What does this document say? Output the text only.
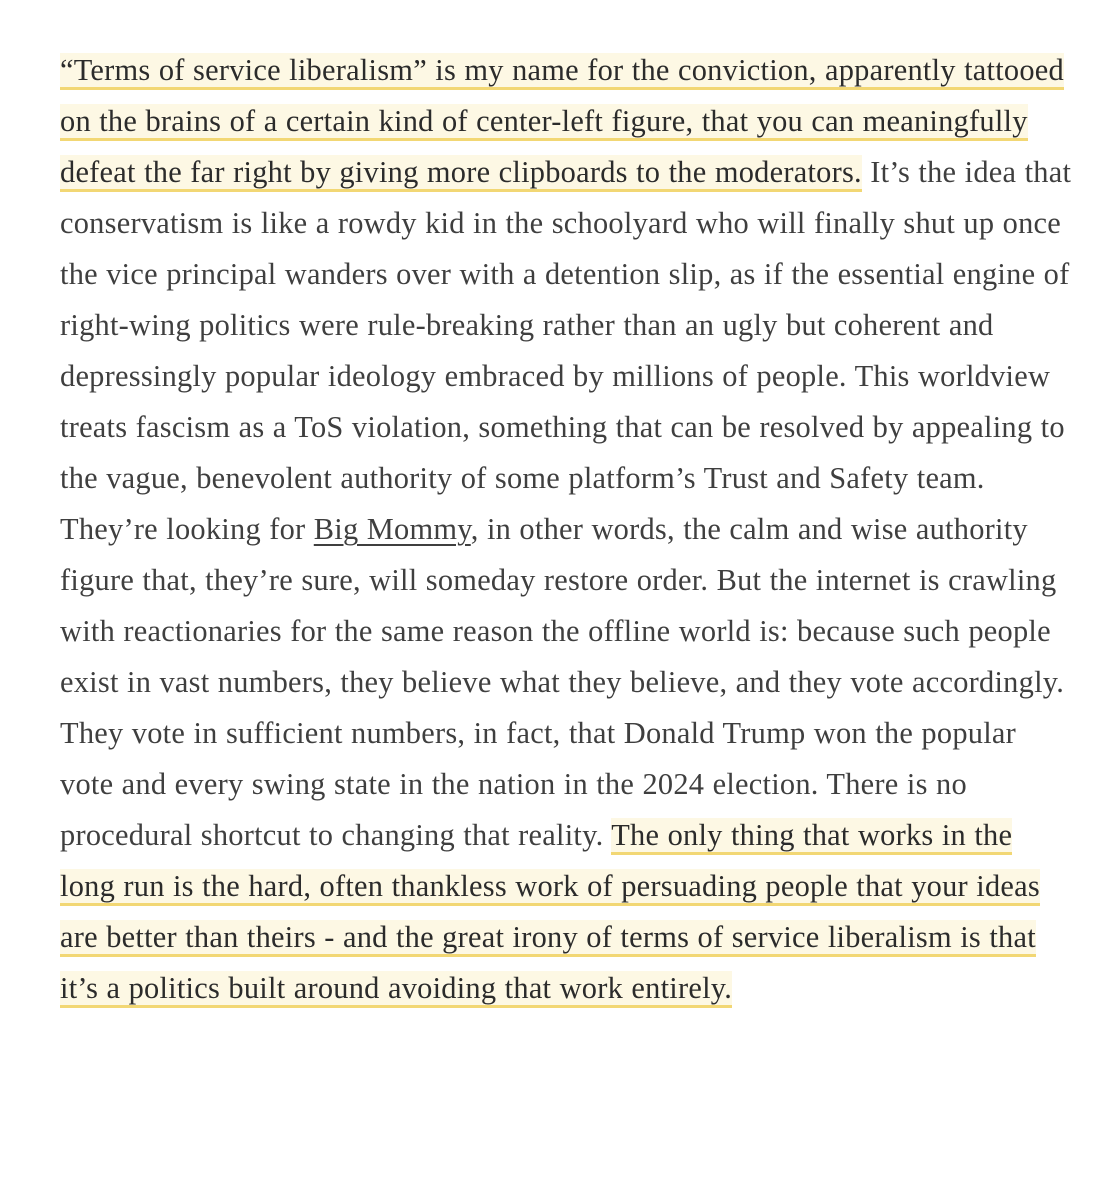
“Terms of service liberalism” is my name for the conviction, apparently tattooed on the brains of a certain kind of center-left figure, that you can meaningfully defeat the far right by giving more clipboards to the moderators. It’s the idea that conservatism is like a rowdy kid in the schoolyard who will finally shut up once the vice principal wanders over with a detention slip, as if the essential engine of right-wing politics were rule-breaking rather than an ugly but coherent and depressingly popular ideology embraced by millions of people. This worldview treats fascism as a ToS violation, something that can be resolved by appealing to the vague, benevolent authority of some platform’s Trust and Safety team. They’re looking for Big Mommy, in other words, the calm and wise authority figure that, they’re sure, will someday restore order. But the internet is crawling with reactionaries for the same reason the offline world is: because such people exist in vast numbers, they believe what they believe, and they vote accordingly. They vote in sufficient numbers, in fact, that Donald Trump won the popular vote and every swing state in the nation in the 2024 election. There is no procedural shortcut to changing that reality. The only thing that works in the long run is the hard, often thankless work of persuading people that your ideas are better than theirs - and the great irony of terms of service liberalism is that it’s a politics built around avoiding that work entirely.
